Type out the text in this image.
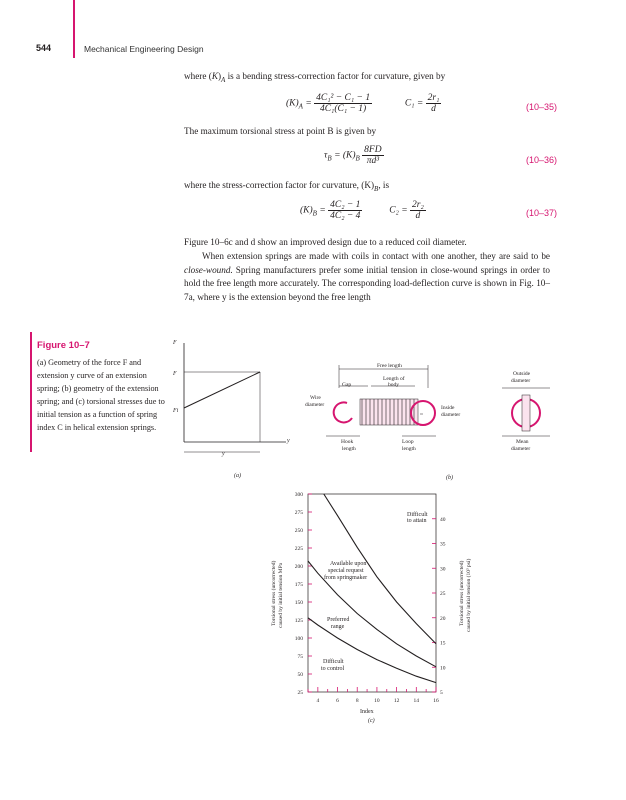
544	Mechanical Engineering Design
where $(K)_A$ is a bending stress-correction factor for curvature, given by
$(K)_A = \frac{\text{4C₁² − C₁ − 1}}{\text{4C₁(C₁ − 1)}}$	$C_1 = \frac{\text{2r₁}}{d}$	(10–35)
The maximum torsional stress at point B is given by
$\tau_B = (K)_B \frac{8FD}{\text{πd³}}$	(10–36)
where the stress-correction factor for curvature, $(K)_B$, is
$(K)_B = \frac{\text{4C₂ − 1}}{\text{4C₂ − 4}}$	$C_2 = \frac{\text{2r₂}}{d}$	(10–37)
Figure 10–6c and d show an improved design due to a reduced coil diameter.
When extension springs are made with coils in contact with one another, they are said to be close-wound. Spring manufacturers prefer some initial tension in close-wound springs in order to hold the free length more accurately. The corresponding load-deflection curve is shown in Fig. 10–7a, where y is the extension beyond the free length
Figure 10–7
(a) Geometry of the force F and extension y curve of an extension spring; (b) geometry of the extension spring; and (c) torsional stresses due to initial tension as a function of spring index C in helical extension springs.
F
F
Fi
y
y
(a)
Free length
Length of
body
Gap
Wire
diameter	Inside
diameter
Hook
length
Loop
length
Outside
diameter
Mean
diameter
(b)
25
50
75
100
125
150
175
200
225
250
275
300
5
10
15
20
25
30
35
40
4	6	8	10	12	14	16
Difficult
to attain
Available upon
special request
from springmaker
Preferred
range
Difficult
to control
Index
Torsional stress (uncorrected) caused by initial tension MPa	Torsional stress (uncorrected) caused by initial tension (10³ psi)
(c)
